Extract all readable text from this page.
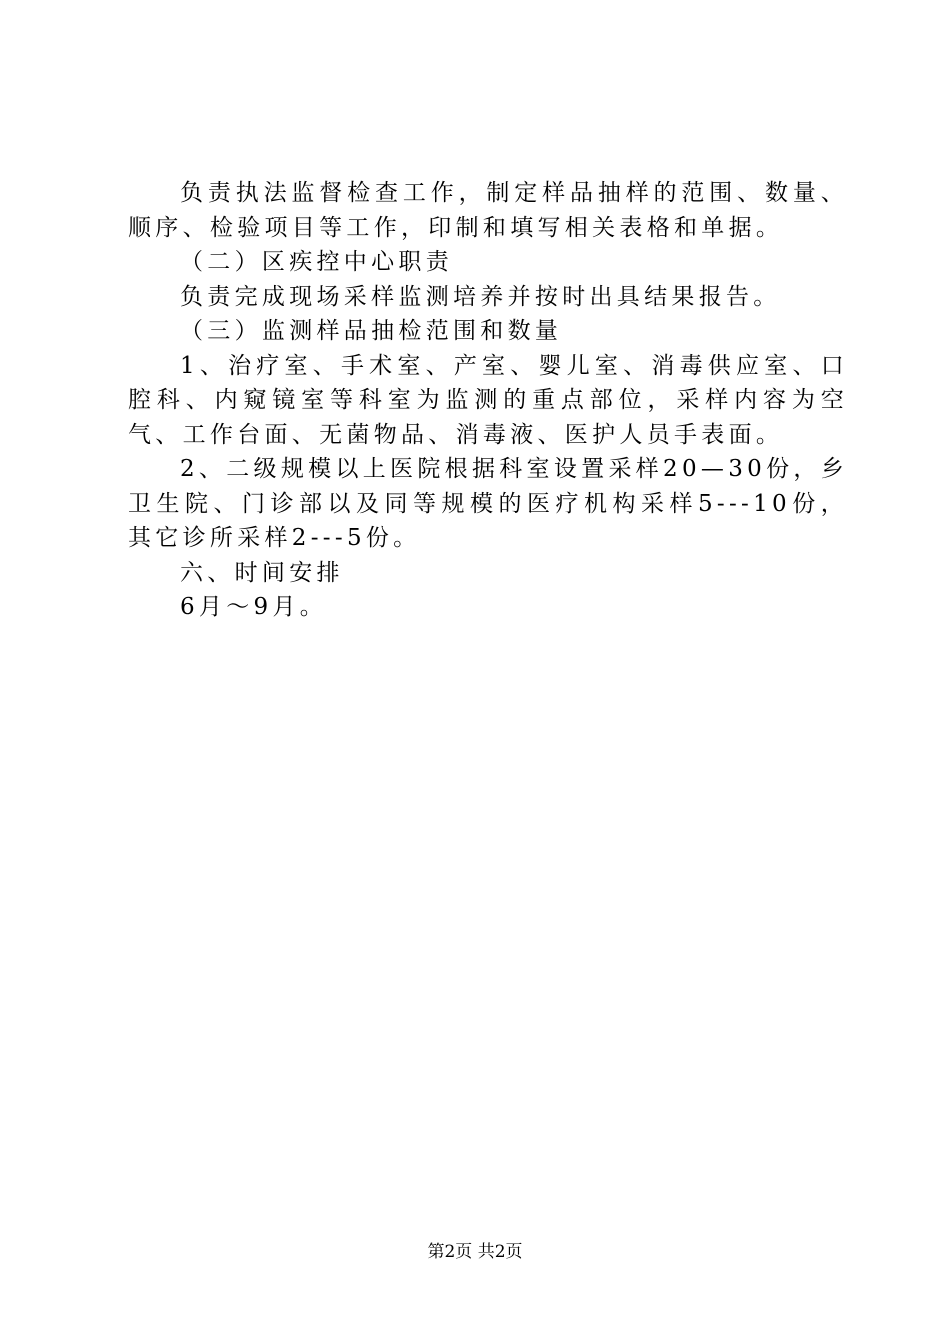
负责执法监督检查工作，制定样品抽样的范围、数量、顺序、检验项目等工作，印制和填写相关表格和单据。

（二）区疾控中心职责

负责完成现场采样监测培养并按时出具结果报告。

（三）监测样品抽检范围和数量

1、治疗室、手术室、产室、婴儿室、消毒供应室、口腔科、内窥镜室等科室为监测的重点部位，采样内容为空气、工作台面、无菌物品、消毒液、医护人员手表面。

2、二级规模以上医院根据科室设置采样20—30份，乡卫生院、门诊部以及同等规模的医疗机构采样5---10份，其它诊所采样2---5份。

六、时间安排

6月～9月。

第2页 共2页
